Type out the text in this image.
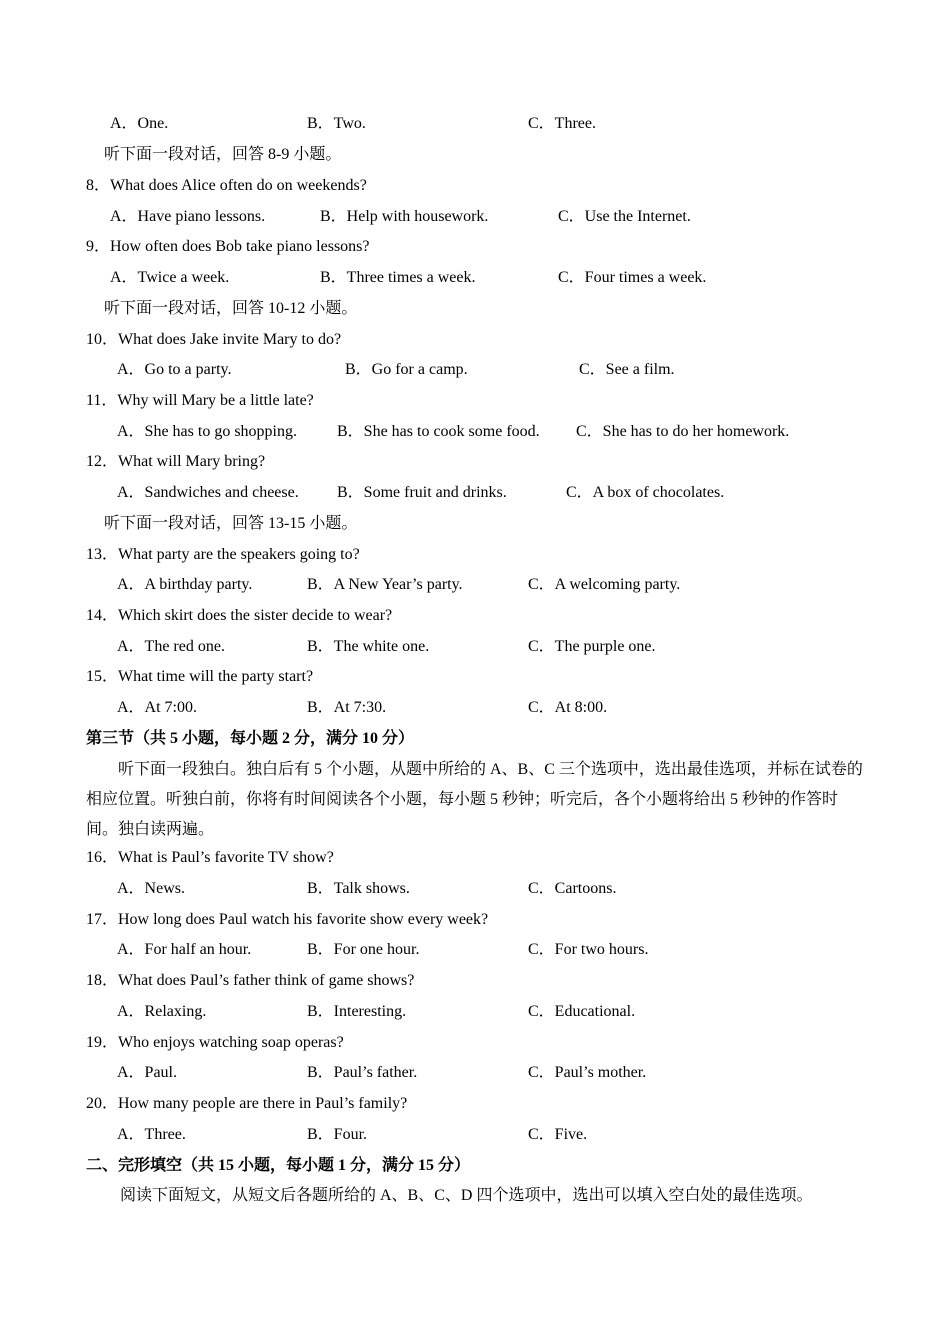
A．One.	B．Two.	C．Three.
听下面一段对话，回答 8-9 小题。
8．What does Alice often do on weekends?
A．Have piano lessons.	B．Help with housework.	C．Use the Internet.
9．How often does Bob take piano lessons?
A．Twice a week.	B．Three times a week.	C．Four times a week.
听下面一段对话，回答 10-12 小题。
10．What does Jake invite Mary to do?
A．Go to a party.	B．Go for a camp.	C．See a film.
11．Why will Mary be a little late?
A．She has to go shopping. B．She has to cook some food. C．She has to do her homework.
12．What will Mary bring?
A．Sandwiches and cheese. B．Some fruit and drinks.	C．A box of chocolates.
听下面一段对话，回答 13-15 小题。
13．What party are the speakers going to?
A．A birthday party.	B．A New Year’s party.	C．A welcoming party.
14．Which skirt does the sister decide to wear?
A．The red one.	B．The white one.	C．The purple one.
15．What time will the party start?
A．At 7:00.	B．At 7:30.	C．At 8:00.
第三节（共 5 小题，每小题 2 分，满分 10 分）
听下面一段独白。独白后有 5 个小题，从题中所给的 A、B、C 三个选项中，选出最佳选项，并标在试卷的相应位置。听独白前，你将有时间阅读各个小题，每小题 5 秒钟；听完后，各个小题将给出 5 秒钟的作答时间。独白读两遍。
16．What is Paul’s favorite TV show?
A．News.	B．Talk shows.	C．Cartoons.
17．How long does Paul watch his favorite show every week?
A．For half an hour.	B．For one hour.	C．For two hours.
18．What does Paul’s father think of game shows?
A．Relaxing.	B．Interesting.	C．Educational.
19．Who enjoys watching soap operas?
A．Paul.	B．Paul’s father.	C．Paul’s mother.
20．How many people are there in Paul’s family?
A．Three.	B．Four.	C．Five.
二、完形填空（共 15 小题，每小题 1 分，满分 15 分）
阅读下面短文，从短文后各题所给的 A、B、C、D 四个选项中，选出可以填入空白处的最佳选项。
